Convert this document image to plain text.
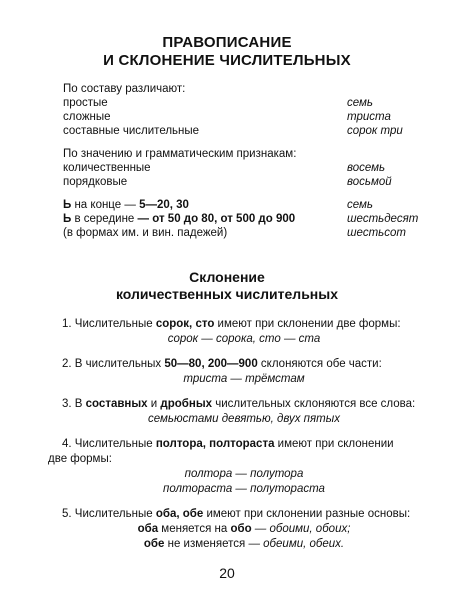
ПРАВОПИСАНИЕ
И СКЛОНЕНИЕ ЧИСЛИТЕЛЬНЫХ
По составу различают:
простые	семь
сложные	триста
составные числительные	сорок три
По значению и грамматическим признакам:
количественные	восемь
порядковые	восьмой
Ь на конце — 5—20, 30	семь
Ь в середине — от 50 до 80, от 500 до 900	шестьдесят
(в формах им. и вин. падежей)	шестьсот
Склонение
количественных числительных
1. Числительные сорок, сто имеют при склонении две формы:
сорок — сорока, сто — ста
2. В числительных 50—80, 200—900 склоняются обе части:
триста — трёмстам
3. В составных и дробных числительных склоняются все слова:
семьюстами девятью, двух пятых
4. Числительные полтора, полтораста имеют при склонении
две формы:
полтора — полутора
полтораста — полутораста
5. Числительные оба, обе имеют при склонении разные основы:
оба меняется на обо — обоими, обоих;
обе не изменяется — обеими, обеих.
20
